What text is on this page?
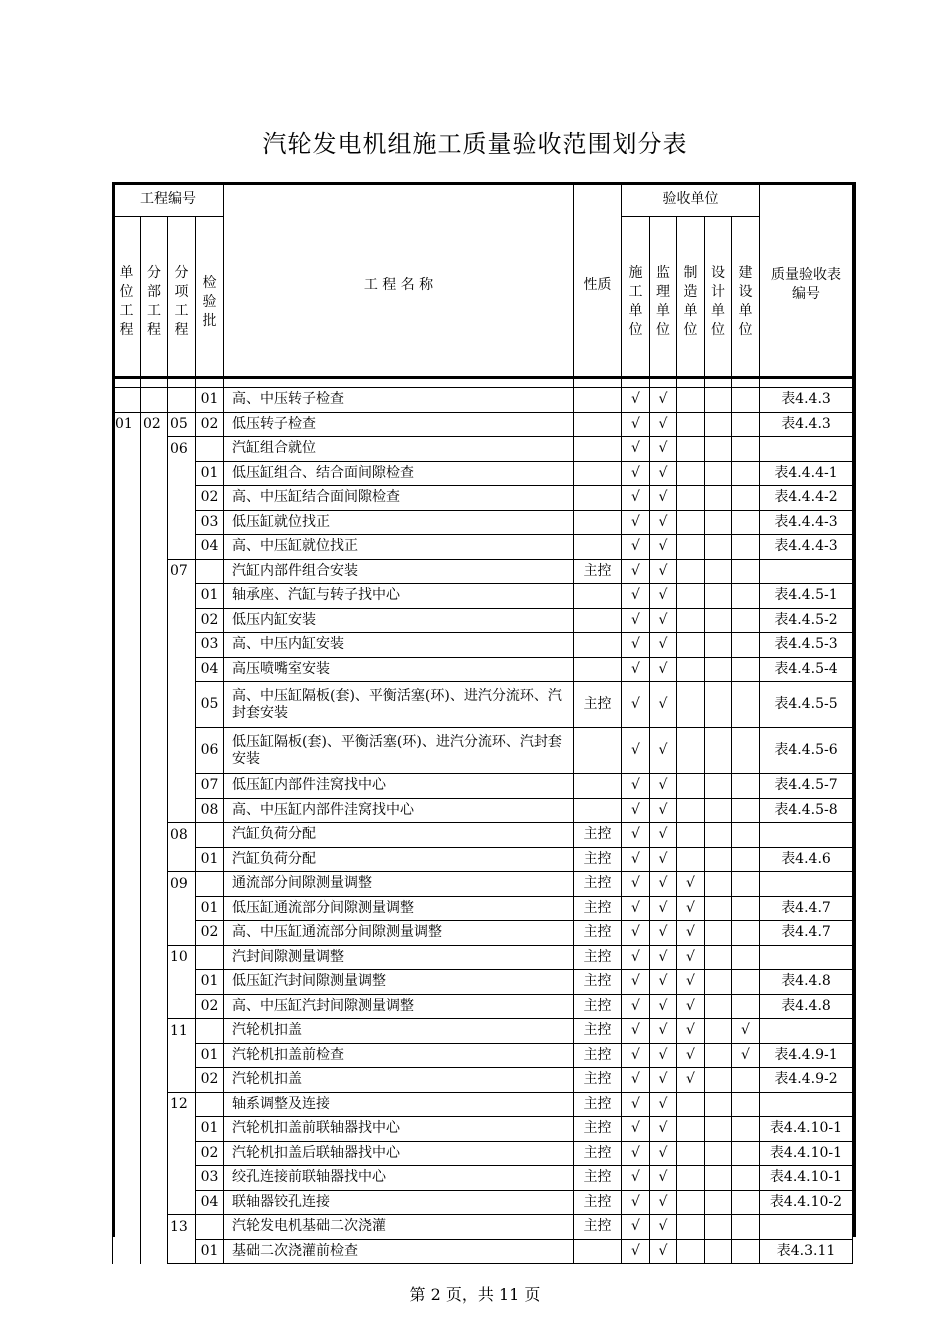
汽轮发电机组施工质量验收范围划分表
工程编号				工 程 名 称	性质	验收单位					质量验收表编号
单位工程	分部工程	分项工程	检验批			施工单位	监理单位	制造单位	设计单位	建设单位	
			01	高、中压转子检查		√	√				表4.4.3
01	02	05	02	低压转子检查		√	√				表4.4.3
		06		汽缸组合就位		√	√				
			01	低压缸组合、结合面间隙检查		√	√				表4.4.4-1
			02	高、中压缸结合面间隙检查		√	√				表4.4.4-2
			03	低压缸就位找正		√	√				表4.4.4-3
			04	高、中压缸就位找正		√	√				表4.4.4-3
		07		汽缸内部件组合安装	主控	√	√				
			01	轴承座、汽缸与转子找中心		√	√				表4.4.5-1
			02	低压内缸安装		√	√				表4.4.5-2
			03	高、中压内缸安装		√	√				表4.4.5-3
			04	高压喷嘴室安装		√	√				表4.4.5-4
			05	高、中压缸隔板(套)、平衡活塞(环)、进汽分流环、汽封套安装	主控	√	√				表4.4.5-5
			06	低压缸隔板(套)、平衡活塞(环)、进汽分流环、汽封套安装		√	√				表4.4.5-6
			07	低压缸内部件洼窝找中心		√	√				表4.4.5-7
			08	高、中压缸内部件洼窝找中心		√	√				表4.4.5-8
		08		汽缸负荷分配	主控	√	√				
			01	汽缸负荷分配	主控	√	√				表4.4.6
		09		通流部分间隙测量调整	主控	√	√	√			
			01	低压缸通流部分间隙测量调整	主控	√	√	√			表4.4.7
			02	高、中压缸通流部分间隙测量调整	主控	√	√	√			表4.4.7
		10		汽封间隙测量调整	主控	√	√	√			
			01	低压缸汽封间隙测量调整	主控	√	√	√			表4.4.8
			02	高、中压缸汽封间隙测量调整	主控	√	√	√			表4.4.8
		11		汽轮机扣盖	主控	√	√	√		√	
			01	汽轮机扣盖前检查	主控	√	√	√		√	表4.4.9-1
			02	汽轮机扣盖	主控	√	√	√			表4.4.9-2
		12		轴系调整及连接	主控	√	√				
			01	汽轮机扣盖前联轴器找中心	主控	√	√				表4.4.10-1
			02	汽轮机扣盖后联轴器找中心	主控	√	√				表4.4.10-1
			03	绞孔连接前联轴器找中心	主控	√	√				表4.4.10-1
			04	联轴器铰孔连接	主控	√	√				表4.4.10-2
		13		汽轮发电机基础二次浇灌	主控	√	√				
			01	基础二次浇灌前检查		√	√				表4.3.11
第 2 页，共 11 页
